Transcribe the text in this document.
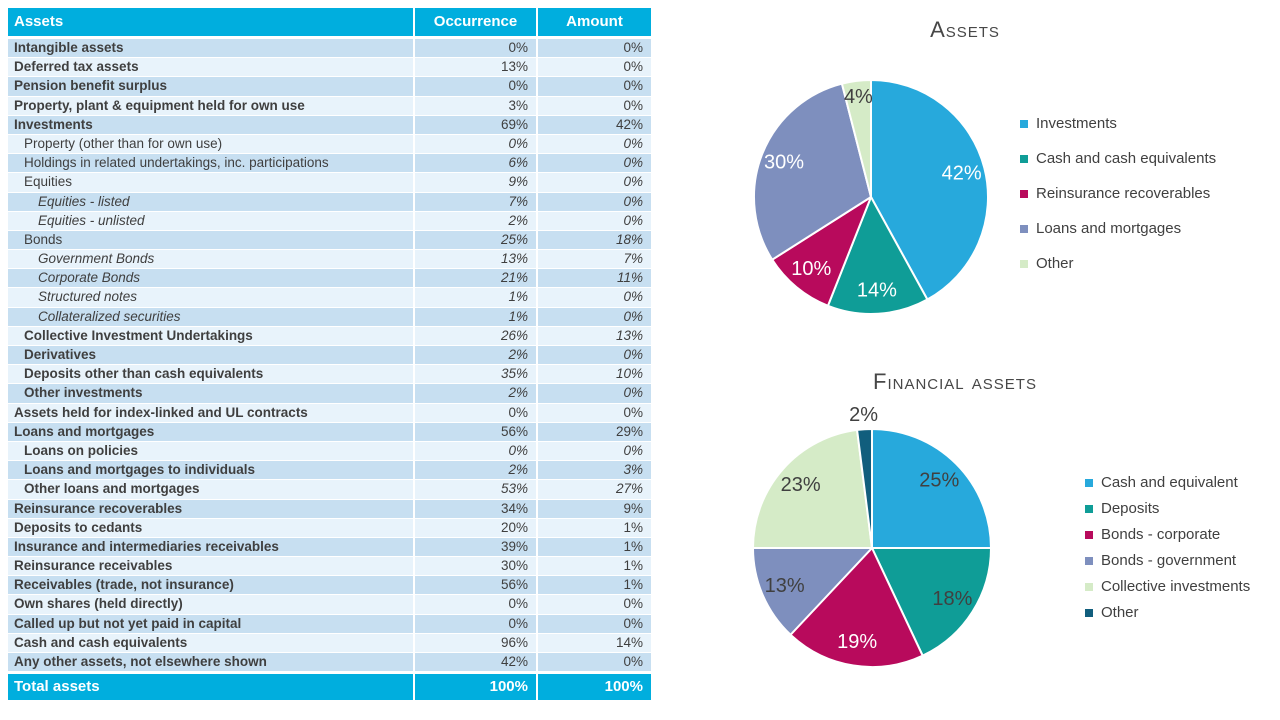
Assets	Occurrence	Amount
Intangible assets	0%	0%
Deferred tax assets	13%	0%
Pension benefit surplus	0%	0%
Property, plant & equipment held for own use	3%	0%
Investments	69%	42%
Property (other than for own use)	0%	0%
Holdings in related undertakings, inc. participations	6%	0%
Equities	9%	0%
Equities - listed	7%	0%
Equities - unlisted	2%	0%
Bonds	25%	18%
Government Bonds	13%	7%
Corporate Bonds	21%	11%
Structured notes	1%	0%
Collateralized securities	1%	0%
Collective Investment Undertakings	26%	13%
Derivatives	2%	0%
Deposits other than cash equivalents	35%	10%
Other investments	2%	0%
Assets held for index-linked and UL contracts	0%	0%
Loans and mortgages	56%	29%
Loans on policies	0%	0%
Loans and mortgages to individuals	2%	3%
Other loans and mortgages	53%	27%
Reinsurance recoverables	34%	9%
Deposits to cedants	20%	1%
Insurance and intermediaries receivables	39%	1%
Reinsurance receivables	30%	1%
Receivables (trade, not insurance)	56%	1%
Own shares (held directly)	0%	0%
Called up but not yet paid in capital	0%	0%
Cash and cash equivalents	96%	14%
Any other assets, not elsewhere shown	42%	0%
Total assets	100%	100%
Assets
42%
14%
10%
30%
4%
Investments
Cash and cash equivalents
Reinsurance recoverables
Loans and mortgages
Other
Financial assets
25%
18%
19%
13%
23%
2%
Cash and equivalent
Deposits
Bonds - corporate
Bonds - government
Collective investments
Other
